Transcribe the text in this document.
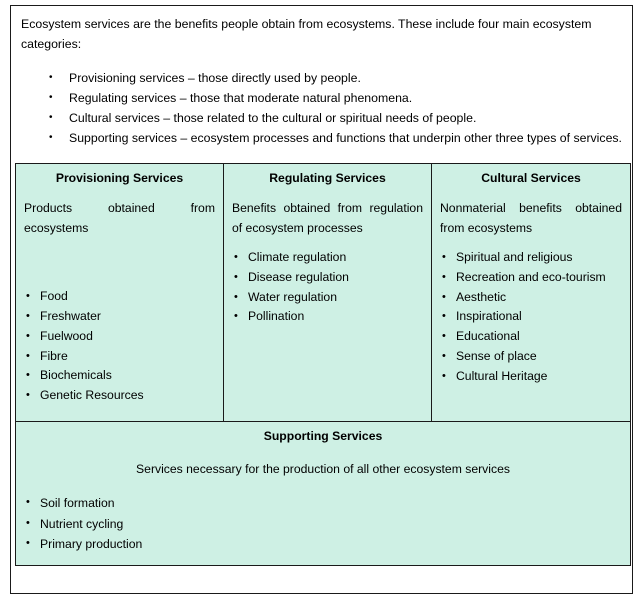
Ecosystem services are the benefits people obtain from ecosystems. These include four main ecosystem categories:

• Provisioning services – those directly used by people.
• Regulating services – those that moderate natural phenomena.
• Cultural services – those related to the cultural or spiritual needs of people.
• Supporting services – ecosystem processes and functions that underpin other three types of services.
Provisioning Services
Products obtained from ecosystems
• Food
• Freshwater
• Fuelwood
• Fibre
• Biochemicals
• Genetic Resources

Regulating Services
Benefits obtained from regulation of ecosystem processes
• Climate regulation
• Disease regulation
• Water regulation
• Pollination

Cultural Services
Nonmaterial benefits obtained from ecosystems
• Spiritual and religious
• Recreation and eco-tourism
• Aesthetic
• Inspirational
• Educational
• Sense of place
• Cultural Heritage

Supporting Services
Services necessary for the production of all other ecosystem services
• Soil formation
• Nutrient cycling
• Primary production
